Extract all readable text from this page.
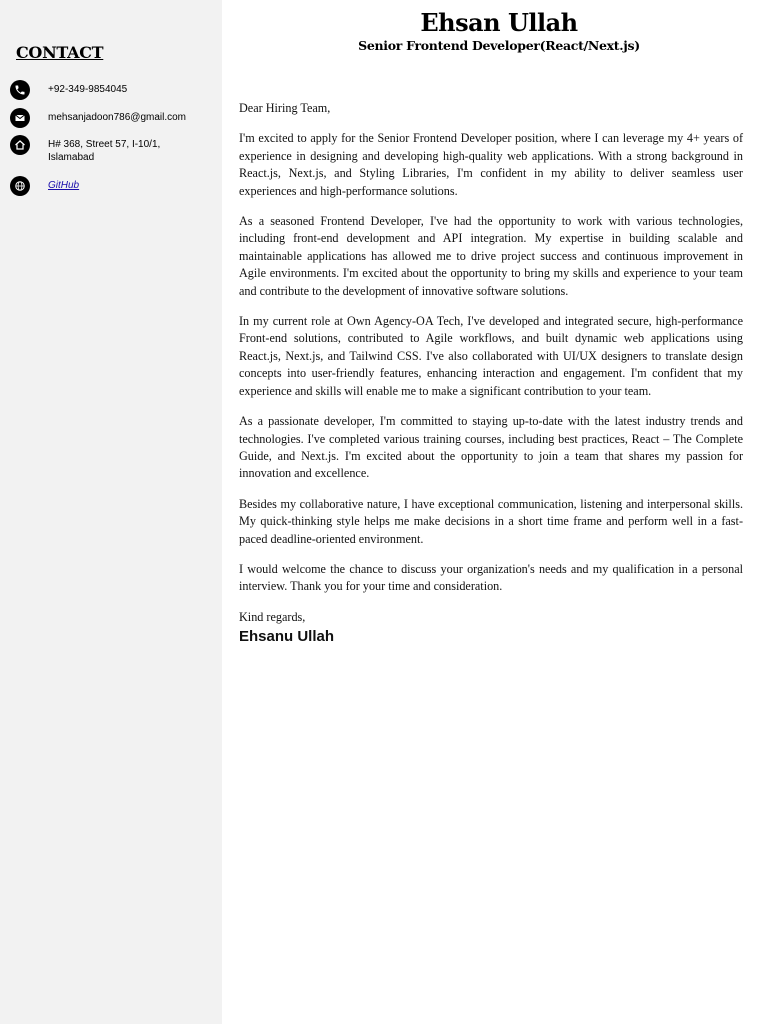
CONTACT
+92-349-9854045
mehsanjadoon786@gmail.com
H# 368, Street 57, I-10/1, Islamabad
GitHub
Ehsan Ullah
Senior Frontend Developer(React/Next.js)

Dear Hiring Team,

I'm excited to apply for the Senior Frontend Developer position, where I can leverage my 4+ years of experience in designing and developing high-quality web applications. With a strong background in React.js, Next.js, and Styling Libraries, I'm confident in my ability to deliver seamless user experiences and high-performance solutions.

As a seasoned Frontend Developer, I've had the opportunity to work with various technologies, including front-end development and API integration. My expertise in building scalable and maintainable applications has allowed me to drive project success and continuous improvement in Agile environments. I'm excited about the opportunity to bring my skills and experience to your team and contribute to the development of innovative software solutions.

In my current role at Own Agency-OA Tech, I've developed and integrated secure, high-performance Front-end solutions, contributed to Agile workflows, and built dynamic web applications using React.js, Next.js, and Tailwind CSS. I've also collaborated with UI/UX designers to translate design concepts into user-friendly features, enhancing interaction and engagement. I'm confident that my experience and skills will enable me to make a significant contribution to your team.

As a passionate developer, I'm committed to staying up-to-date with the latest industry trends and technologies. I've completed various training courses, including best practices, React – The Complete Guide, and Next.js. I'm excited about the opportunity to join a team that shares my passion for innovation and excellence.

Besides my collaborative nature, I have exceptional communication, listening and interpersonal skills. My quick-thinking style helps me make decisions in a short time frame and perform well in a fast-paced deadline-oriented environment.

I would welcome the chance to discuss your organization's needs and my qualification in a personal interview. Thank you for your time and consideration.

Kind regards,

Ehsanu Ullah
